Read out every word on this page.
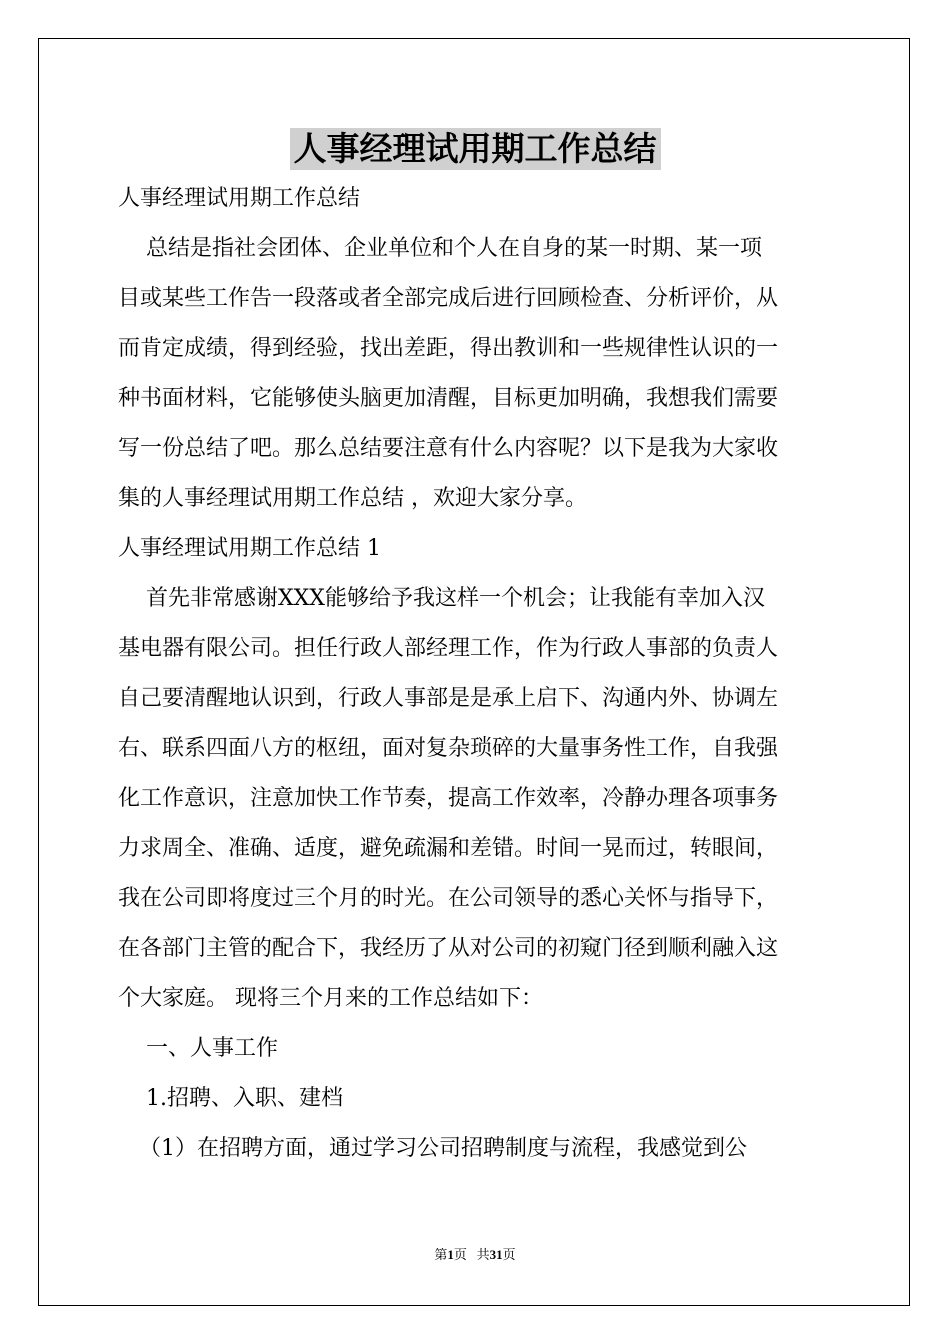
人事经理试用期工作总结
人事经理试用期工作总结
总结是指社会团体、企业单位和个人在自身的某一时期、某一项
目或某些工作告一段落或者全部完成后进行回顾检查、分析评价，从
而肯定成绩，得到经验，找出差距，得出教训和一些规律性认识的一
种书面材料，它能够使头脑更加清醒，目标更加明确，我想我们需要
写一份总结了吧。那么总结要注意有什么内容呢？以下是我为大家收
集的人事经理试用期工作总结 ，欢迎大家分享。
人事经理试用期工作总结 1
首先非常感谢XXX能够给予我这样一个机会；让我能有幸加入汉
基电器有限公司。担任行政人部经理工作，作为行政人事部的负责人
自己要清醒地认识到，行政人事部是是承上启下、沟通内外、协调左
右、联系四面八方的枢纽，面对复杂琐碎的大量事务性工作，自我强
化工作意识，注意加快工作节奏，提高工作效率，冷静办理各项事务
力求周全、准确、适度，避免疏漏和差错。时间一晃而过，转眼间，
我在公司即将度过三个月的时光。在公司领导的悉心关怀与指导下，
在各部门主管的配合下，我经历了从对公司的初窥门径到顺利融入这
个大家庭。 现将三个月来的工作总结如下：
一、人事工作
1.招聘、入职、建档
（1）在招聘方面，通过学习公司招聘制度与流程，我感觉到公
第1页   共31页
